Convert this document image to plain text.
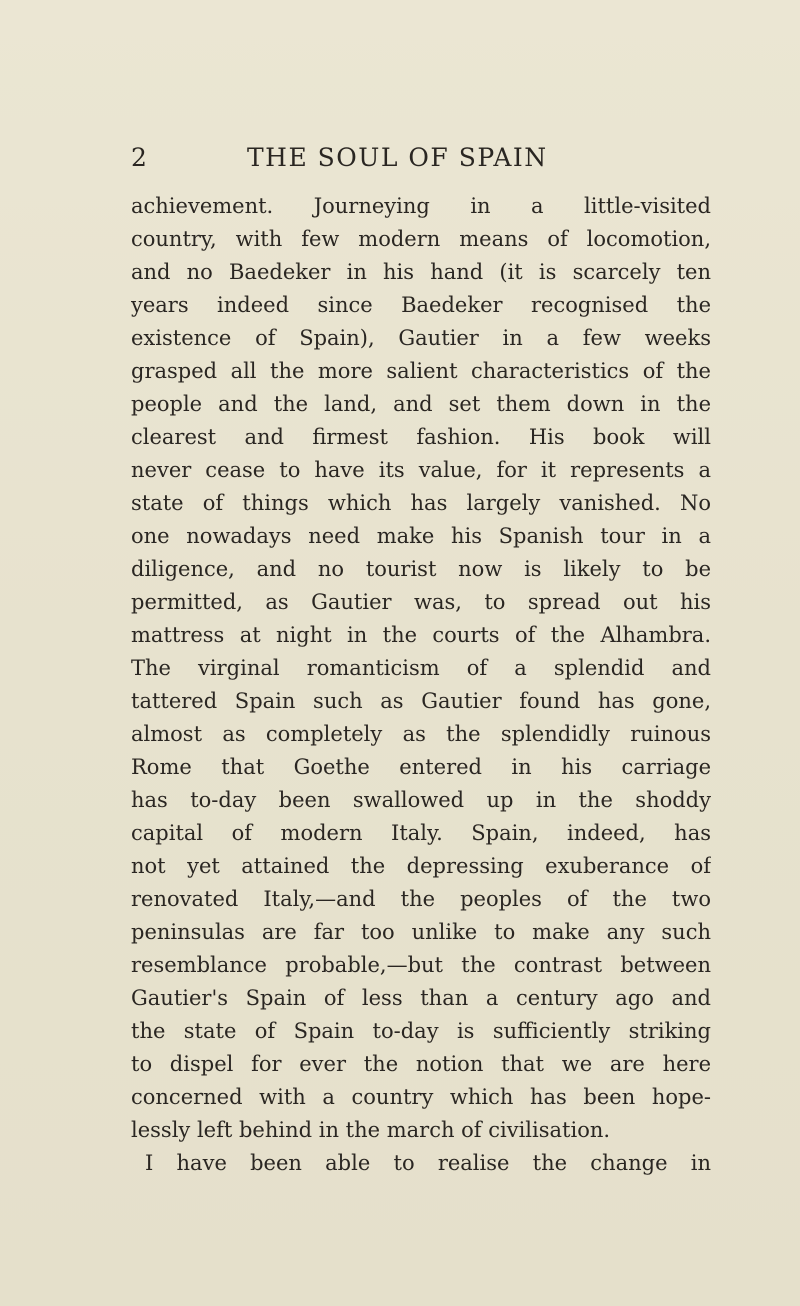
2	THE SOUL OF SPAIN
achievement. Journeying in a little-visited
country, with few modern means of locomotion,
and no Baedeker in his hand (it is scarcely ten
years indeed since Baedeker recognised the
existence of Spain), Gautier in a few weeks
grasped all the more salient characteristics of the
people and the land, and set them down in the
clearest and firmest fashion. His book will
never cease to have its value, for it represents a
state of things which has largely vanished. No
one nowadays need make his Spanish tour in a
diligence, and no tourist now is likely to be
permitted, as Gautier was, to spread out his
mattress at night in the courts of the Alhambra.
The virginal romanticism of a splendid and
tattered Spain such as Gautier found has gone,
almost as completely as the splendidly ruinous
Rome that Goethe entered in his carriage
has to-day been swallowed up in the shoddy
capital of modern Italy. Spain, indeed, has
not yet attained the depressing exuberance of
renovated Italy,—and the peoples of the two
peninsulas are far too unlike to make any such
resemblance probable,—but the contrast between
Gautier's Spain of less than a century ago and
the state of Spain to-day is sufficiently striking
to dispel for ever the notion that we are here
concerned with a country which has been hope-
lessly left behind in the march of civilisation.
I have been able to realise the change in
